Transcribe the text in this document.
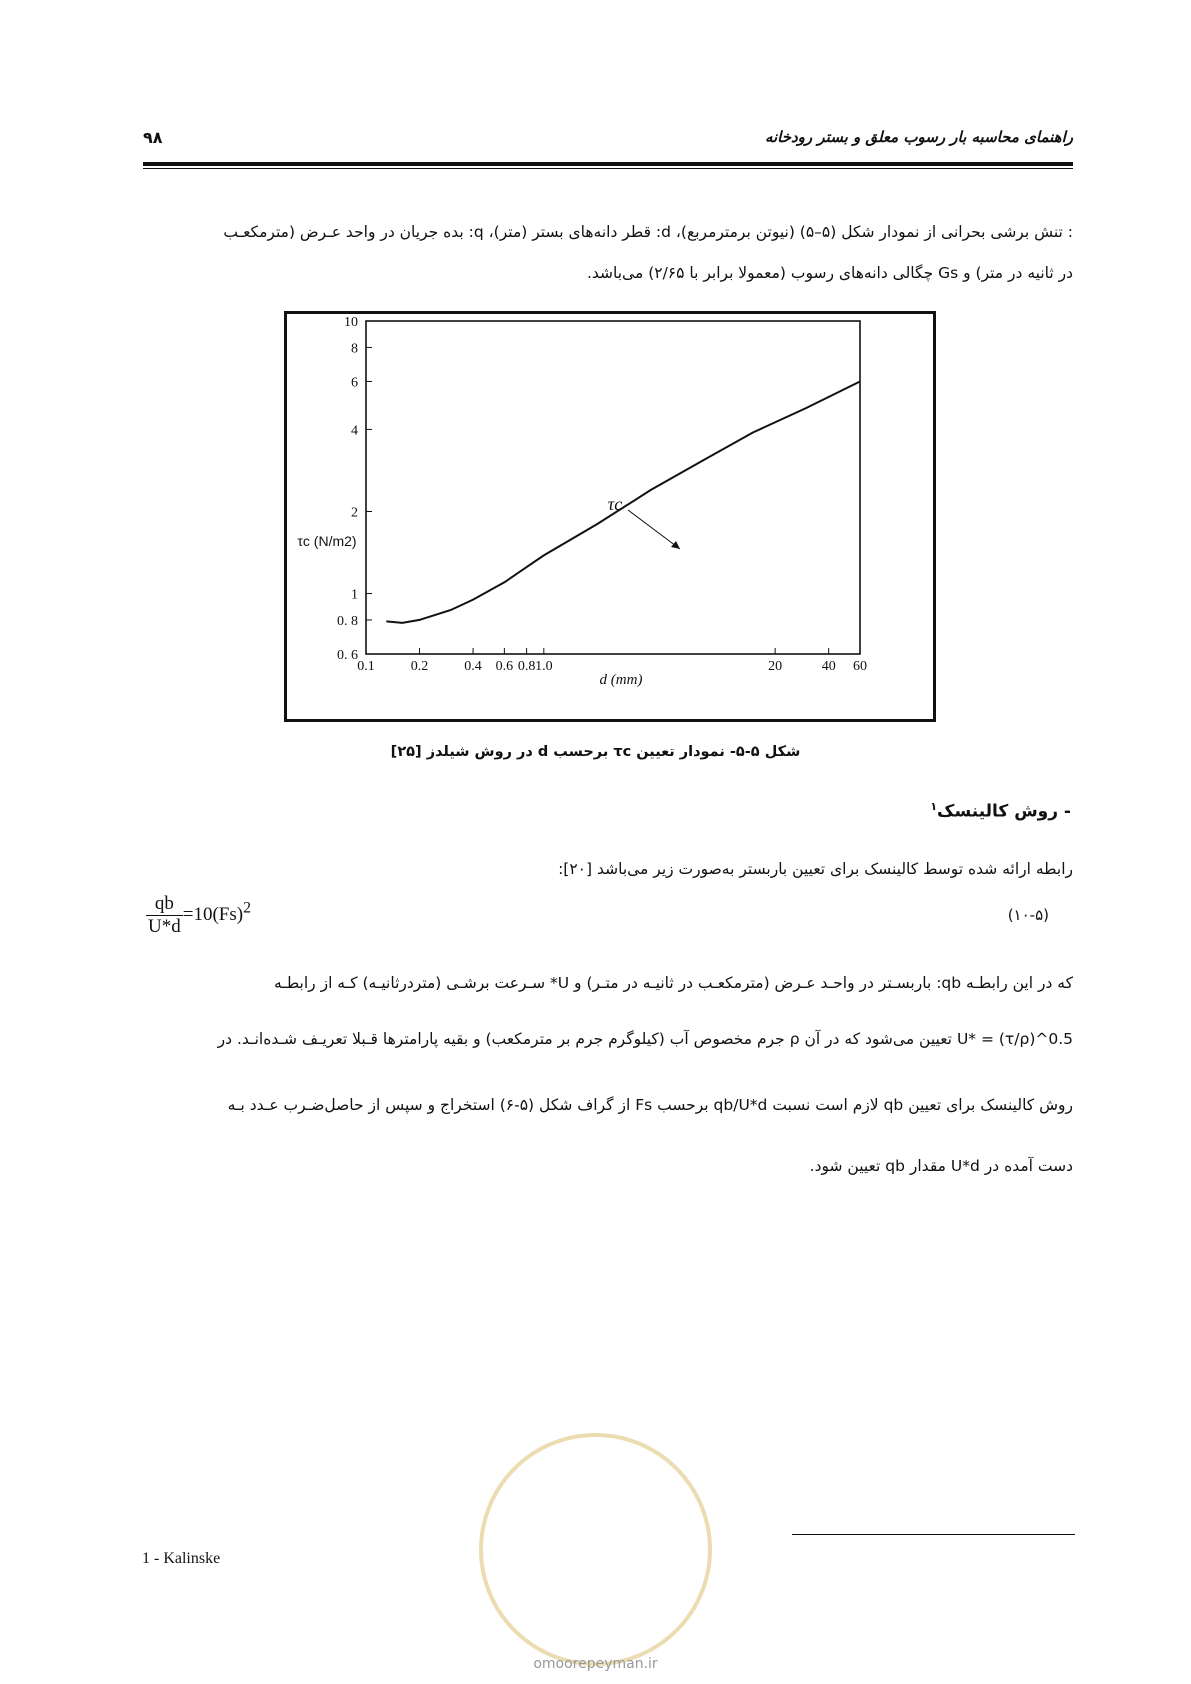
۹۸	راهنمای محاسبه بار رسوب معلق و بستر رودخانه
: تنش برشی بحرانی از نمودار شکل (۵–۵) (نیوتن برمترمربع)، d: قطر دانه‌های بستر (متر)، q: بده جریان در واحد عـرض (مترمکعـب
در ثانیه در متر) و Gs چگالی دانه‌های رسوب (معمولا برابر با ۲/۶۵) می‌باشد.
0.1	0.2	0.4 0.6 0.8 1.0	20	40 60
0. 6
0. 8
1
2
4
6
8
10
d (mm)
τc (N/m2)
τc
شکل ۵-۵- نمودار تعیین τc برحسب d در روش شیلدز [۲۵]
- روش کالینسک$^۱$
رابطه ارائه شده توسط کالینسک برای تعیین باربستر به‌صورت زیر می‌باشد [۲۰]:
$\frac{qb}{U*d} =10(Fs)^2$	(۱۰-۵)
که در این رابطـه qb: باربسـتر در واحـد عـرض (مترمکعـب در ثانیـه در متـر) و U* سـرعت برشـی (متردرثانیـه) کـه از رابطـه
U* = (τ/ρ)^0.5 تعیین می‌شود که در آن ρ جرم مخصوص آب (کیلوگرم جرم بر مترمکعب) و بقیه پارامترها قـبلا تعریـف شـده‌انـد. در
روش کالینسک برای تعیین qb لازم است نسبت qb/U*d برحسب Fs از گراف شکل (۵-۶) استخراج و سپس از حاصل‌ضـرب عـدد بـه
دست آمده در U*d مقدار qb تعیین شود.
1 - Kalinske
omoorepeyman.ir
